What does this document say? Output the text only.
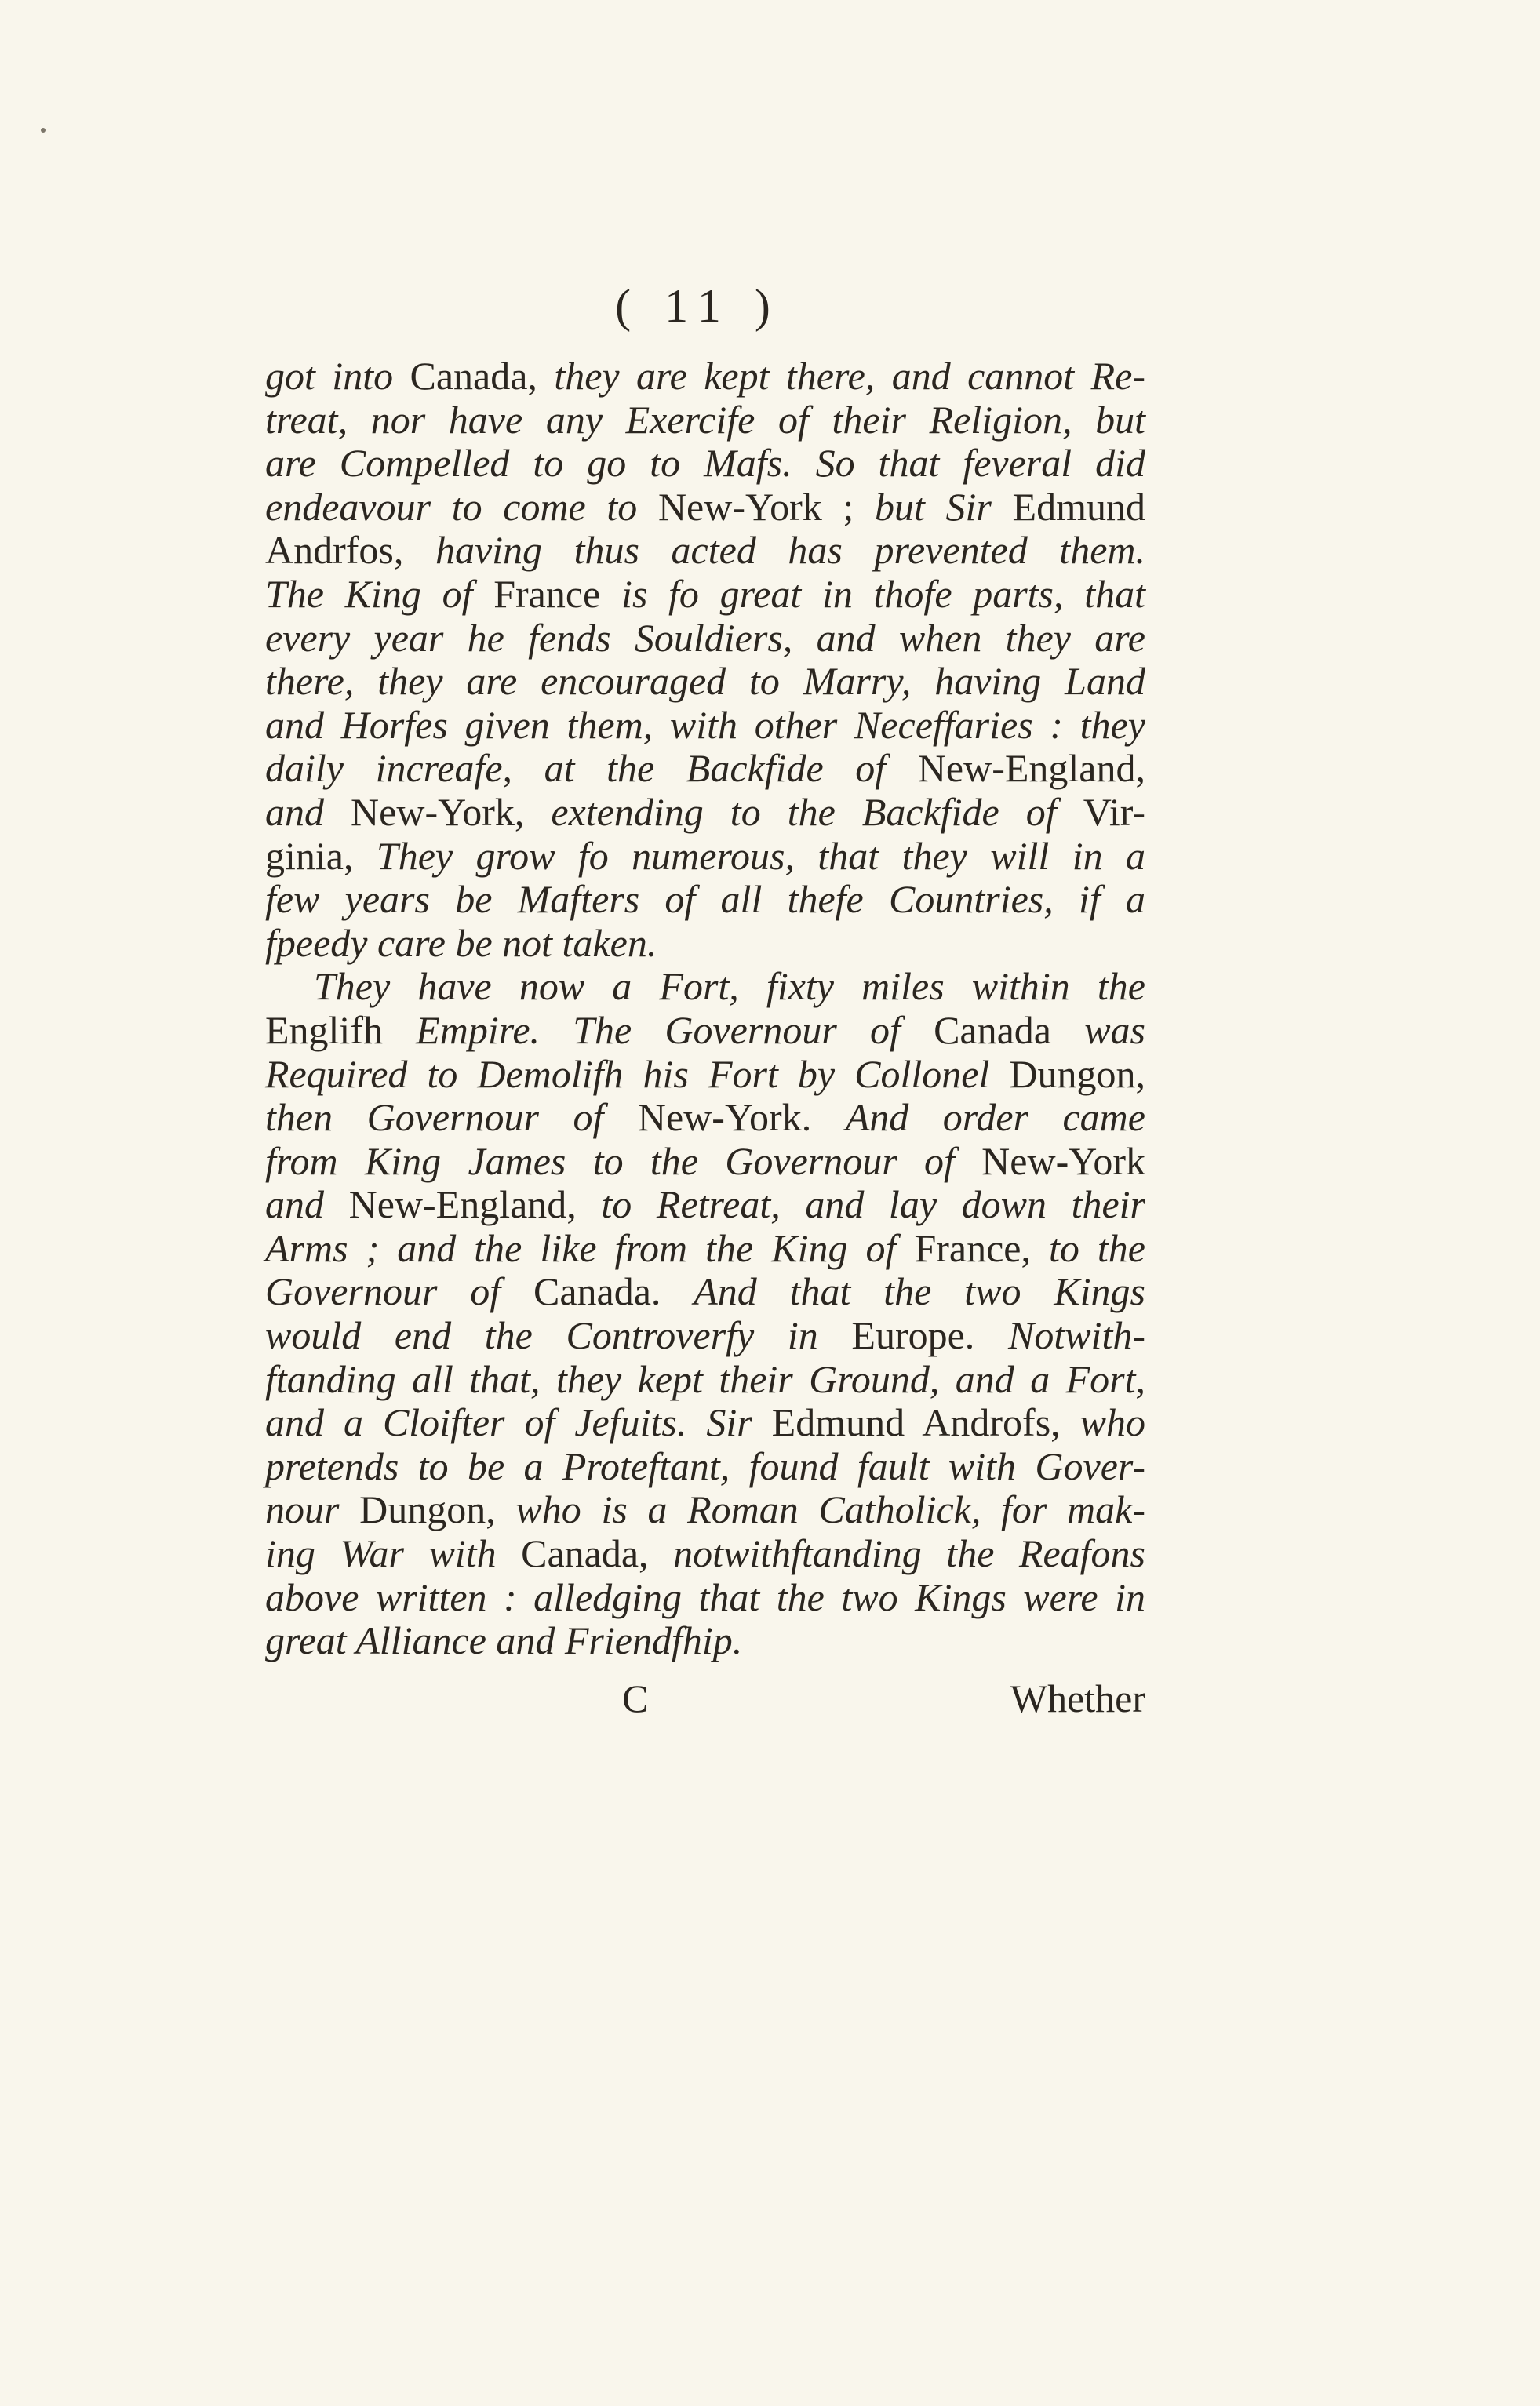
( 11 )
got into Canada, they are kept there, and cannot Re-
treat, nor have any Exercife of their Religion, but
are Compelled to go to Mafs. So that feveral did
endeavour to come to New-York ; but Sir Edmund
Andrfos, having thus acted has prevented them.
The King of France is fo great in thofe parts, that
every year he fends Souldiers, and when they are
there, they are encouraged to Marry, having Land
and Horfes given them, with other Neceffaries : they
daily increafe, at the Backfide of New-England,
and New-York, extending to the Backfide of Vir-
ginia, They grow fo numerous, that they will in a
few years be Mafters of all thefe Countries, if a
fpeedy care be not taken.
They have now a Fort, fixty miles within the
Englifh Empire. The Governour of Canada was
Required to Demolifh his Fort by Collonel Dungon,
then Governour of New-York. And order came
from King James to the Governour of New-York
and New-England, to Retreat, and lay down their
Arms ; and the like from the King of France, to the
Governour of Canada. And that the two Kings
would end the Controverfy in Europe. Notwith-
ftanding all that, they kept their Ground, and a Fort,
and a Cloifter of Jefuits. Sir Edmund Androfs, who
pretends to be a Proteftant, found fault with Gover-
nour Dungon, who is a Roman Catholick, for mak-
ing War with Canada, notwithftanding the Reafons
above written : alledging that the two Kings were in
great Alliance and Friendfhip.
C	Whether
